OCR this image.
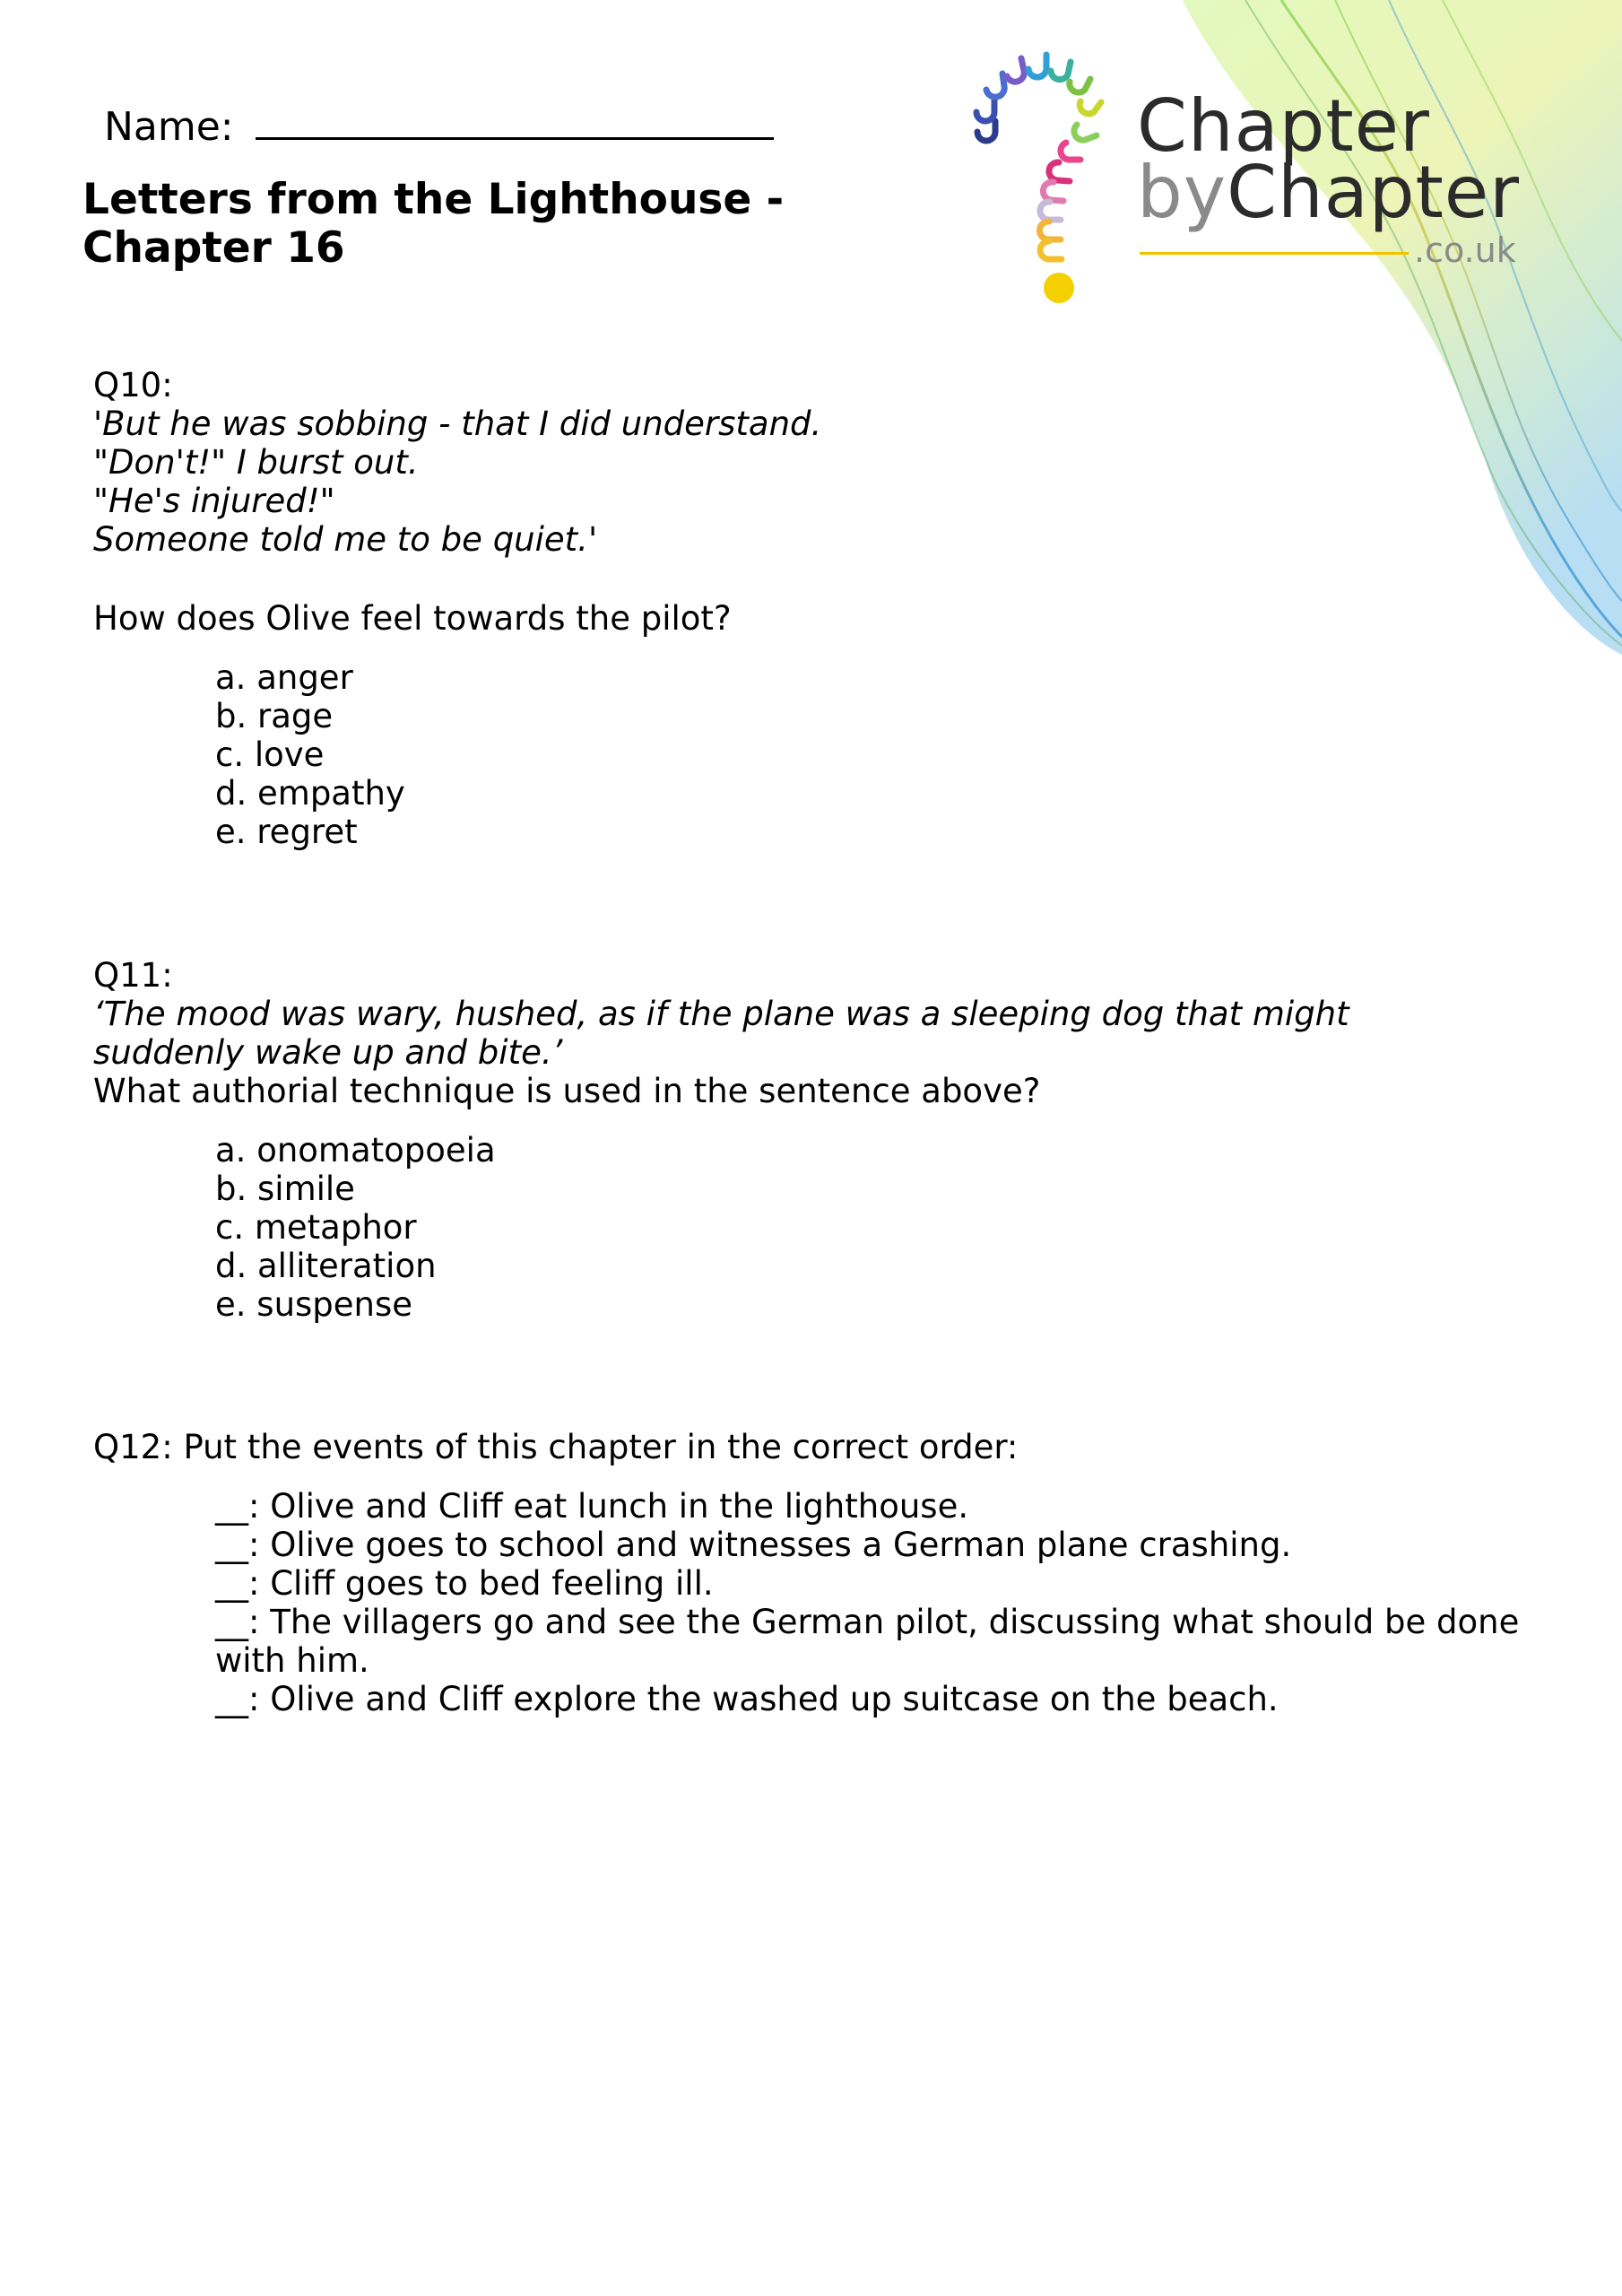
Name:
Letters from the Lighthouse -
Chapter 16
Chapter
byChapter
.co.uk
Q10:
'But he was sobbing - that I did understand.
"Don't!" I burst out.
"He's injured!"
Someone told me to be quiet.'
How does Olive feel towards the pilot?
a. anger
b. rage
c. love
d. empathy
e. regret
Q11:
‘The mood was wary, hushed, as if the plane was a sleeping dog that might
suddenly wake up and bite.’
What authorial technique is used in the sentence above?
a. onomatopoeia
b. simile
c. metaphor
d. alliteration
e. suspense
Q12: Put the events of this chapter in the correct order:
__: Olive and Cliff eat lunch in the lighthouse.
__: Olive goes to school and witnesses a German plane crashing.
__: Cliff goes to bed feeling ill.
__: The villagers go and see the German pilot, discussing what should be done with him.
__: Olive and Cliff explore the washed up suitcase on the beach.
